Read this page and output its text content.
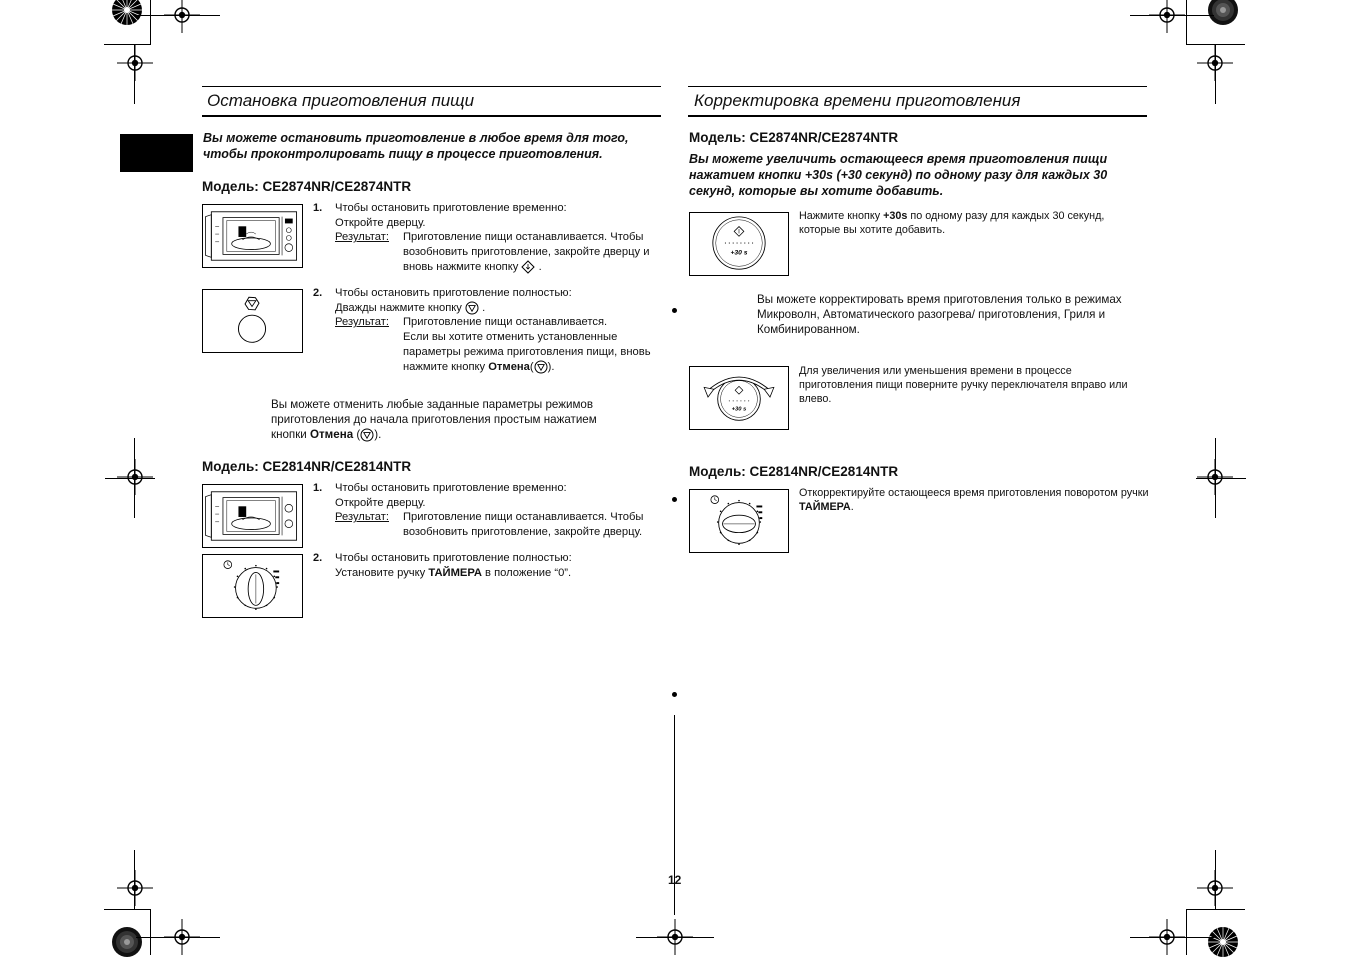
Остановка приготовления пищи
Вы можете остановить приготовление в любое время для того, чтобы проконтролировать пищу в процессе приготовления.
Модель: CE2874NR/CE2874NTR
1. Чтобы остановить приготовление временно:
Откройте дверцу.
Результат: Приготовление пищи останавливается. Чтобы возобновить приготовление, закройте дверцу и вновь нажмите кнопку .
2. Чтобы остановить приготовление полностью:
Дважды нажмите кнопку .
Результат: Приготовление пищи останавливается.
Если вы хотите отменить установленные параметры режима приготовления пищи, вновь нажмите кнопку Отмена( ).
Вы можете отменить любые заданные параметры режимов приготовления до начала приготовления простым нажатием кнопки Отмена ( ).
Модель: CE2814NR/CE2814NTR
1. Чтобы остановить приготовление временно:
Откройте дверцу.
Результат: Приготовление пищи останавливается. Чтобы возобновить приготовление, закройте дверцу.
2. Чтобы остановить приготовление полностью:
Установите ручку ТАЙМЕРА в положение “0”.
Корректировка времени приготовления
Модель: CE2874NR/CE2874NTR
Вы можете увеличить остающееся время приготовления пищи нажатием кнопки +30s (+30 секунд) по одному разу для каждых 30 секунд, которые вы хотите добавить.
+30 s
Нажмите кнопку +30s по одному разу для каждых 30 секунд, которые вы хотите добавить.
Вы можете корректировать время приготовления только в режимах Микроволн, Автоматического разогрева/ приготовления, Гриля и Комбинированном.
+30 s
Для увеличения или уменьшения времени в процессе приготовления пищи поверните ручку переключателя вправо или влево.
Модель: CE2814NR/CE2814NTR
Откорректируйте остающееся время приготовления поворотом ручки ТАЙМЕРА.
12
